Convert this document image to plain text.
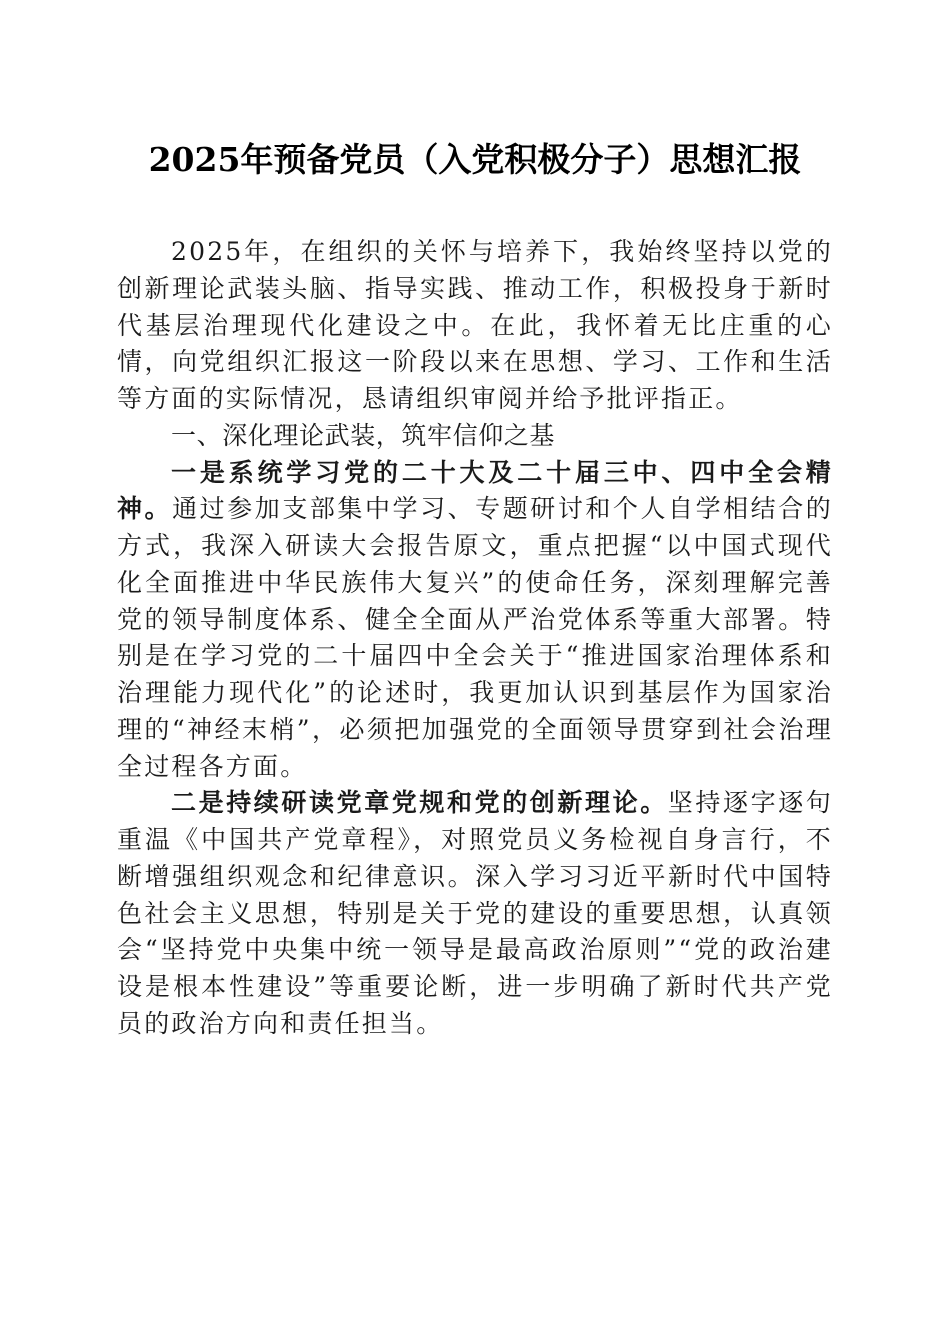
2025年预备党员（入党积极分子）思想汇报

2025年，在组织的关怀与培养下，我始终坚持以党的创新理论武装头脑、指导实践、推动工作，积极投身于新时代基层治理现代化建设之中。在此，我怀着无比庄重的心情，向党组织汇报这一阶段以来在思想、学习、工作和生活等方面的实际情况，恳请组织审阅并给予批评指正。

一、深化理论武装，筑牢信仰之基

一是系统学习党的二十大及二十届三中、四中全会精神。通过参加支部集中学习、专题研讨和个人自学相结合的方式，我深入研读大会报告原文，重点把握“以中国式现代化全面推进中华民族伟大复兴”的使命任务，深刻理解完善党的领导制度体系、健全全面从严治党体系等重大部署。特别是在学习党的二十届四中全会关于“推进国家治理体系和治理能力现代化”的论述时，我更加认识到基层作为国家治理的“神经末梢”，必须把加强党的全面领导贯穿到社会治理全过程各方面。

二是持续研读党章党规和党的创新理论。坚持逐字逐句重温《中国共产党章程》，对照党员义务检视自身言行，不断增强组织观念和纪律意识。深入学习习近平新时代中国特色社会主义思想，特别是关于党的建设的重要思想，认真领会“坚持党中央集中统一领导是最高政治原则”“党的政治建设是根本性建设”等重要论断，进一步明确了新时代共产党员的政治方向和责任担当。
